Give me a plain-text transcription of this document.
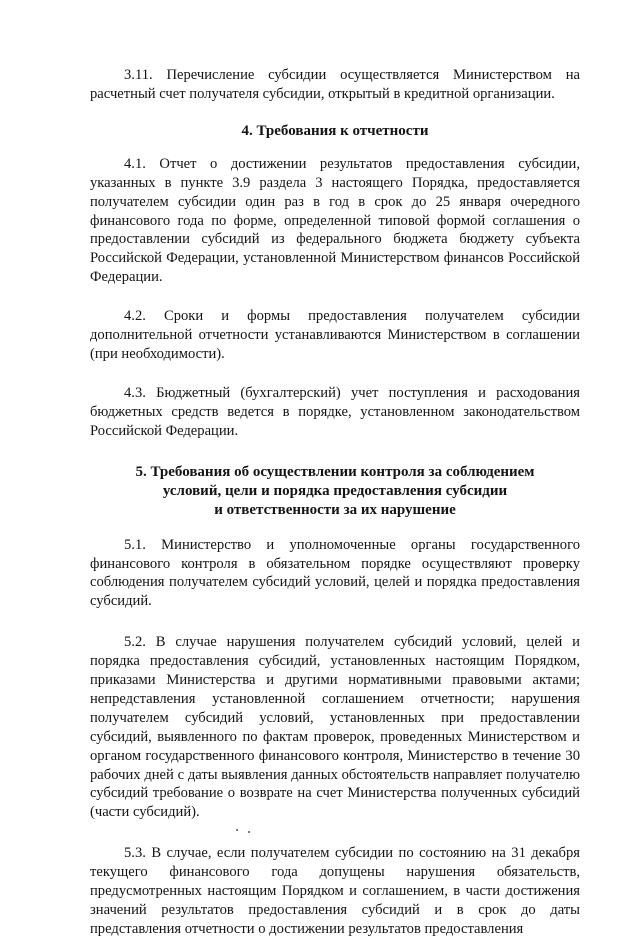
3.11. Перечисление субсидии осуществляется Министерством на расчетный счет получателя субсидии, открытый в кредитной организации.

4. Требования к отчетности

4.1. Отчет о достижении результатов предоставления субсидии, указанных в пункте 3.9 раздела 3 настоящего Порядка, предоставляется получателем субсидии один раз в год в срок до 25 января очередного финансового года по форме, определенной типовой формой соглашения о предоставлении субсидий из федерального бюджета бюджету субъекта Российской Федерации, установленной Министерством финансов Российской Федерации.

4.2. Сроки и формы предоставления получателем субсидии дополнительной отчетности устанавливаются Министерством в соглашении (при необходимости).

4.3. Бюджетный (бухгалтерский) учет поступления и расходования бюджетных средств ведется в порядке, установленном законодательством Российской Федерации.

5. Требования об осуществлении контроля за соблюдением
условий, цели и порядка предоставления субсидии
и ответственности за их нарушение

5.1. Министерство и уполномоченные органы государственного финансового контроля в обязательном порядке осуществляют проверку соблюдения получателем субсидий условий, целей и порядка предоставления субсидий.

5.2. В случае нарушения получателем субсидий условий, целей и порядка предоставления субсидий, установленных настоящим Порядком, приказами Министерства и другими нормативными правовыми актами; непредставления установленной соглашением отчетности; нарушения получателем субсидий условий, установленных при предоставлении субсидий, выявленного по фактам проверок, проведенных Министерством и органом государственного финансового контроля, Министерство в течение 30 рабочих дней с даты выявления данных обстоятельств направляет получателю субсидий требование о возврате на счет Министерства полученных субсидий (части субсидий).

5.3. В случае, если получателем субсидии по состоянию на 31 декабря текущего финансового года допущены нарушения обязательств, предусмотренных настоящим Порядком и соглашением, в части достижения значений результатов предоставления субсидий и в срок до даты представления отчетности о достижении результатов предоставления
